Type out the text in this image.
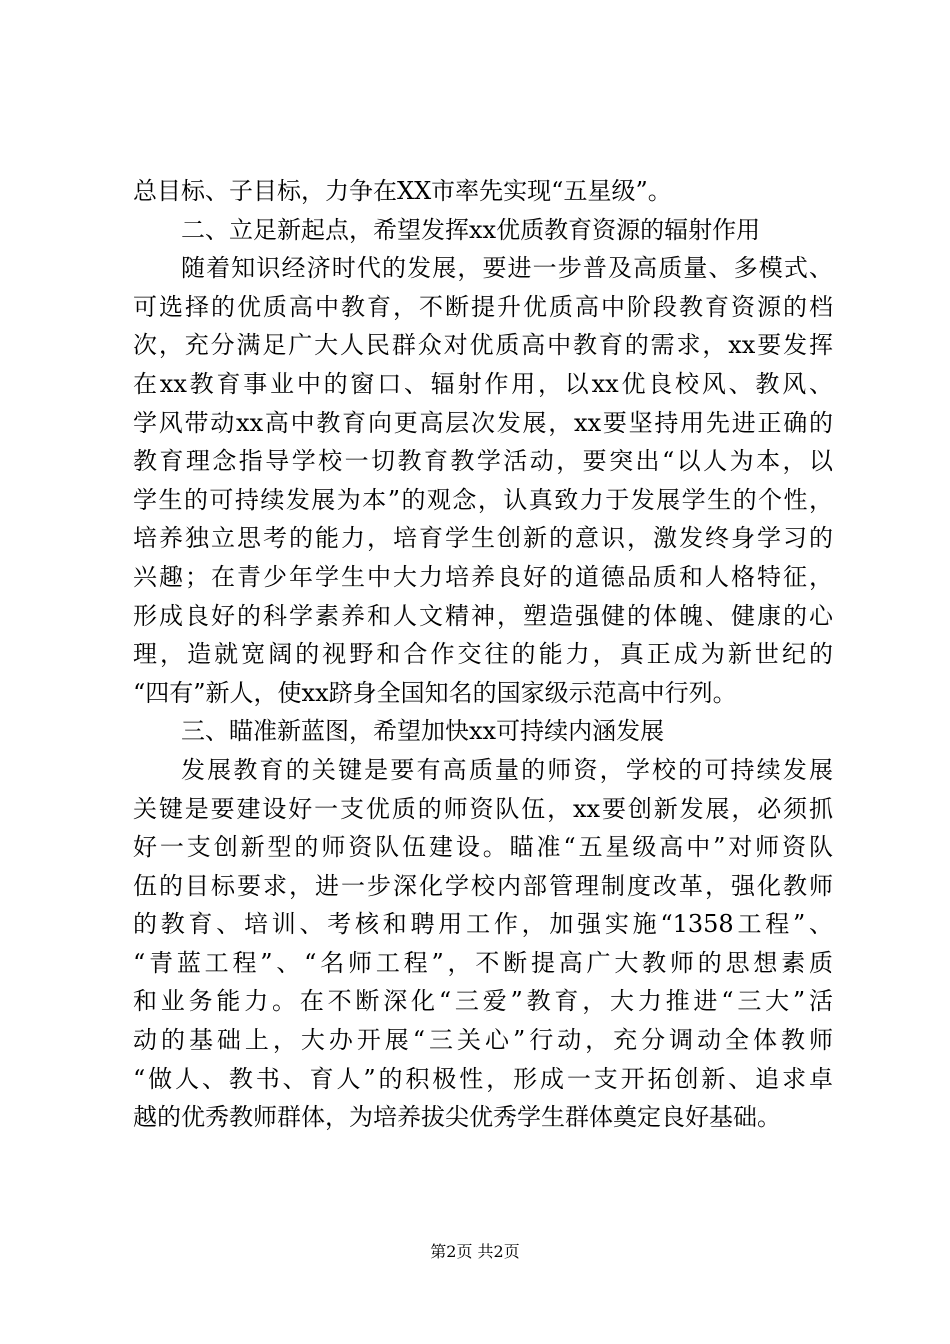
总目标、子目标，力争在XX市率先实现“五星级”。
二、立足新起点，希望发挥xx优质教育资源的辐射作用
随着知识经济时代的发展，要进一步普及高质量、多模式、
可选择的优质高中教育，不断提升优质高中阶段教育资源的档
次，充分满足广大人民群众对优质高中教育的需求，xx要发挥
在xx教育事业中的窗口、辐射作用，以xx优良校风、教风、
学风带动xx高中教育向更高层次发展，xx要坚持用先进正确的
教育理念指导学校一切教育教学活动，要突出“以人为本，以
学生的可持续发展为本”的观念，认真致力于发展学生的个性，
培养独立思考的能力，培育学生创新的意识，激发终身学习的
兴趣；在青少年学生中大力培养良好的道德品质和人格特征，
形成良好的科学素养和人文精神，塑造强健的体魄、健康的心
理，造就宽阔的视野和合作交往的能力，真正成为新世纪的
“四有”新人，使xx跻身全国知名的国家级示范高中行列。
三、瞄准新蓝图，希望加快xx可持续内涵发展
发展教育的关键是要有高质量的师资，学校的可持续发展
关键是要建设好一支优质的师资队伍，xx要创新发展，必须抓
好一支创新型的师资队伍建设。瞄准“五星级高中”对师资队
伍的目标要求，进一步深化学校内部管理制度改革，强化教师
的教育、培训、考核和聘用工作，加强实施“1358工程”、
“青蓝工程”、“名师工程”，不断提高广大教师的思想素质
和业务能力。在不断深化“三爱”教育，大力推进“三大”活
动的基础上，大办开展“三关心”行动，充分调动全体教师
“做人、教书、育人”的积极性，形成一支开拓创新、追求卓
越的优秀教师群体，为培养拔尖优秀学生群体奠定良好基础。
第2页 共2页
